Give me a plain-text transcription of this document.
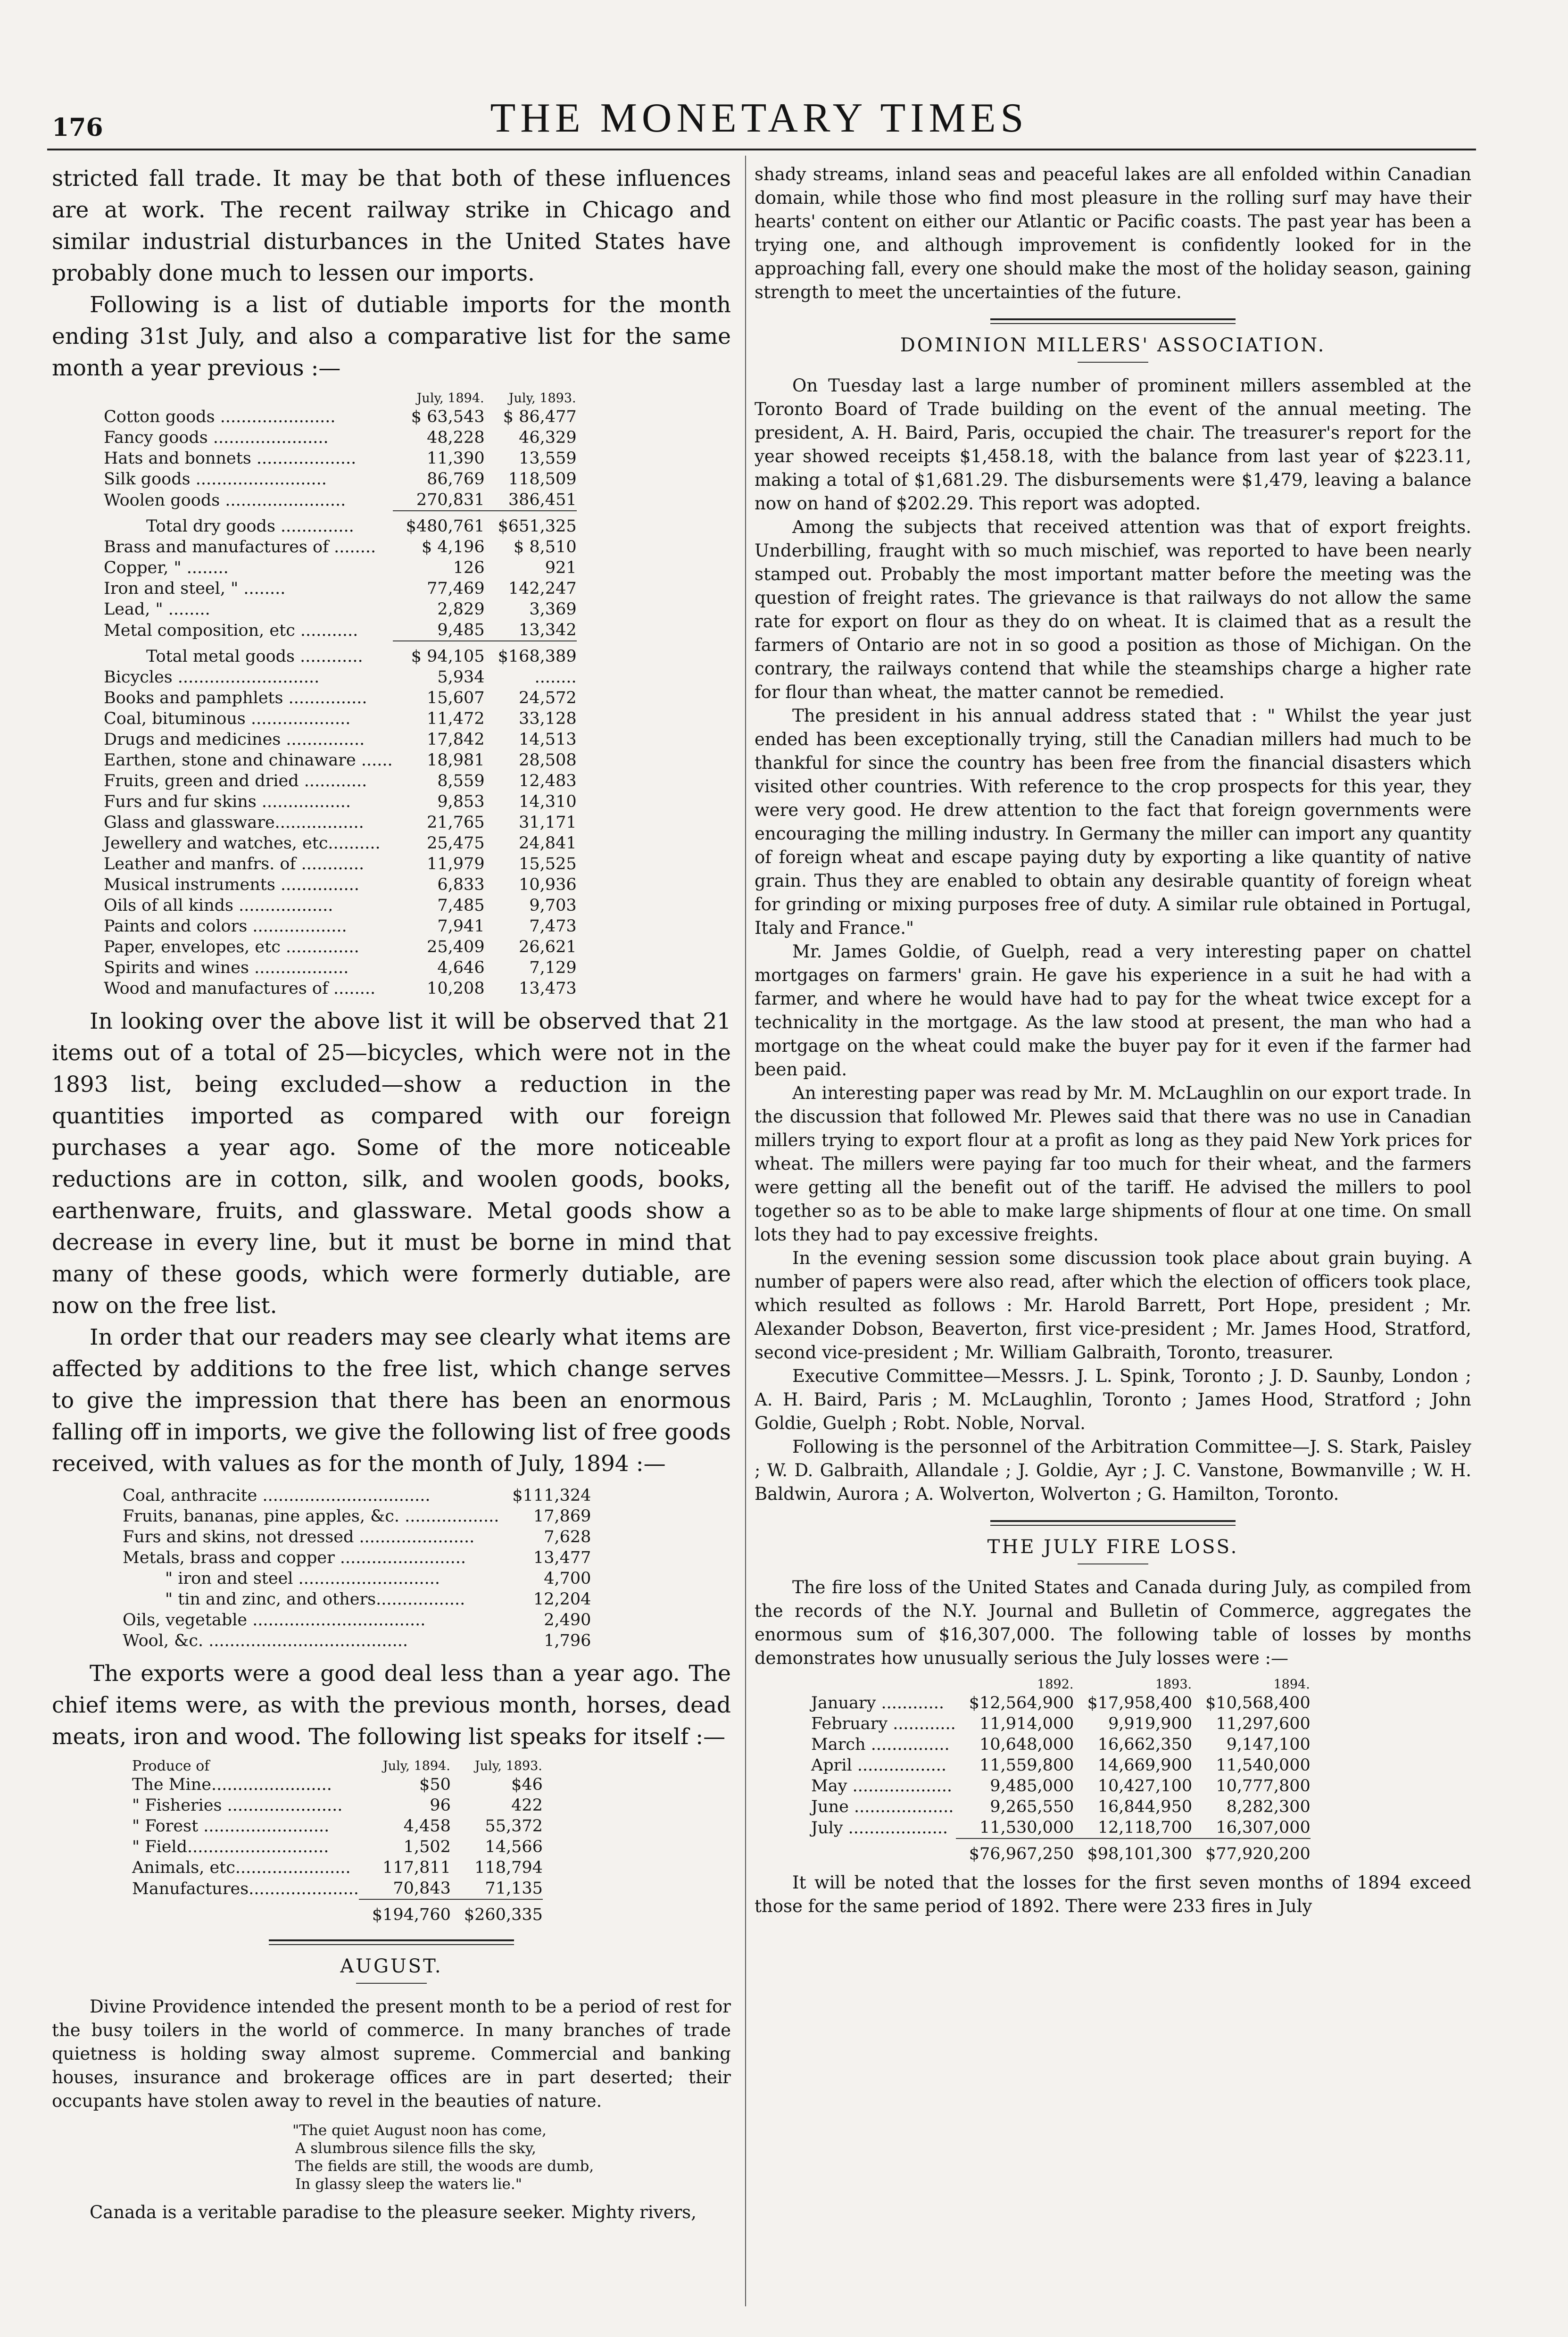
176	THE MONETARY TIMES

stricted fall trade. It may be that both of these influences are at work. The recent railway strike in Chicago and similar industrial disturbances in the United States have probably done much to lessen our imports.

Following is a list of dutiable imports for the month ending 31st July, and also a comparative list for the same month a year previous :—

	July, 1894.	July, 1893.
Cotton goods ......................	$ 63,543	$ 86,477
Fancy goods ......................	48,228	46,329
Hats and bonnets ...................	11,390	13,559
Silk goods .........................	86,769	118,509
Woolen goods .......................	270,831	386,451
Total dry goods ..............	$480,761	$651,325
Brass and manufactures of ........	$ 4,196	$ 8,510
Copper, " ........	126	921
Iron and steel, " ........	77,469	142,247
Lead, " ........	2,829	3,369
Metal composition, etc ...........	9,485	13,342
Total metal goods ............	$ 94,105	$168,389
Bicycles ...........................	5,934	........
Books and pamphlets ...............	15,607	24,572
Coal, bituminous ...................	11,472	33,128
Drugs and medicines ...............	17,842	14,513
Earthen, stone and chinaware ......	18,981	28,508
Fruits, green and dried ............	8,559	12,483
Furs and fur skins .................	9,853	14,310
Glass and glassware.................	21,765	31,171
Jewellery and watches, etc..........	25,475	24,841
Leather and manfrs. of ............	11,979	15,525
Musical instruments ...............	6,833	10,936
Oils of all kinds ..................	7,485	9,703
Paints and colors ..................	7,941	7,473
Paper, envelopes, etc ..............	25,409	26,621
Spirits and wines ..................	4,646	7,129
Wood and manufactures of ........	10,208	13,473

In looking over the above list it will be observed that 21 items out of a total of 25—bicycles, which were not in the 1893 list, being excluded—show a reduction in the quantities imported as compared with our foreign purchases a year ago. Some of the more noticeable reductions are in cotton, silk, and woolen goods, books, earthenware, fruits, and glassware. Metal goods show a decrease in every line, but it must be borne in mind that many of these goods, which were formerly dutiable, are now on the free list.

In order that our readers may see clearly what items are affected by additions to the free list, which change serves to give the impression that there has been an enormous falling off in imports, we give the following list of free goods received, with values as for the month of July, 1894 :—

Coal, anthracite ................................	$111,324
Fruits, bananas, pine apples, &c. ..................	17,869
Furs and skins, not dressed ......................	7,628
Metals, brass and copper ........................	13,477
" iron and steel ...........................	4,700
" tin and zinc, and others.................	12,204
Oils, vegetable .................................	2,490
Wool, &c. ......................................	1,796

The exports were a good deal less than a year ago. The chief items were, as with the previous month, horses, dead meats, iron and wood. The following list speaks for itself :—

Produce of	July, 1894.	July, 1893.
The Mine.......................	$50	$46
" Fisheries ......................	96	422
" Forest ........................	4,458	55,372
" Field...........................	1,502	14,566
Animals, etc......................	117,811	118,794
Manufactures.....................	70,843	71,135
	$194,760	$260,335
AUGUST.

Divine Providence intended the present month to be a period of rest for the busy toilers in the world of commerce. In many branches of trade quietness is holding sway almost supreme. Commercial and banking houses, insurance and brokerage offices are in part deserted; their occupants have stolen away to revel in the beauties of nature.

"The quiet August noon has come,
A slumbrous silence fills the sky,
The fields are still, the woods are dumb,
In glassy sleep the waters lie."

Canada is a veritable paradise to the pleasure seeker. Mighty rivers,

shady streams, inland seas and peaceful lakes are all enfolded within Canadian domain, while those who find most pleasure in the rolling surf may have their hearts' content on either our Atlantic or Pacific coasts. The past year has been a trying one, and although improvement is confidently looked for in the approaching fall, every one should make the most of the holiday season, gaining strength to meet the uncertainties of the future.

DOMINION MILLERS' ASSOCIATION.

On Tuesday last a large number of prominent millers assembled at the Toronto Board of Trade building on the event of the annual meeting. The president, A. H. Baird, Paris, occupied the chair. The treasurer's report for the year showed receipts $1,458.18, with the balance from last year of $223.11, making a total of $1,681.29. The disbursements were $1,479, leaving a balance now on hand of $202.29. This report was adopted.

Among the subjects that received attention was that of export freights. Underbilling, fraught with so much mischief, was reported to have been nearly stamped out. Probably the most important matter before the meeting was the question of freight rates. The grievance is that railways do not allow the same rate for export on flour as they do on wheat. It is claimed that as a result the farmers of Ontario are not in so good a position as those of Michigan. On the contrary, the railways contend that while the steamships charge a higher rate for flour than wheat, the matter cannot be remedied.

The president in his annual address stated that : " Whilst the year just ended has been exceptionally trying, still the Canadian millers had much to be thankful for since the country has been free from the financial disasters which visited other countries. With reference to the crop prospects for this year, they were very good. He drew attention to the fact that foreign governments were encouraging the milling industry. In Germany the miller can import any quantity of foreign wheat and escape paying duty by exporting a like quantity of native grain. Thus they are enabled to obtain any desirable quantity of foreign wheat for grinding or mixing purposes free of duty. A similar rule obtained in Portugal, Italy and France."

Mr. James Goldie, of Guelph, read a very interesting paper on chattel mortgages on farmers' grain. He gave his experience in a suit he had with a farmer, and where he would have had to pay for the wheat twice except for a technicality in the mortgage. As the law stood at present, the man who had a mortgage on the wheat could make the buyer pay for it even if the farmer had been paid.

An interesting paper was read by Mr. M. McLaughlin on our export trade. In the discussion that followed Mr. Plewes said that there was no use in Canadian millers trying to export flour at a profit as long as they paid New York prices for wheat. The millers were paying far too much for their wheat, and the farmers were getting all the benefit out of the tariff. He advised the millers to pool together so as to be able to make large shipments of flour at one time. On small lots they had to pay excessive freights.

In the evening session some discussion took place about grain buying. A number of papers were also read, after which the election of officers took place, which resulted as follows : Mr. Harold Barrett, Port Hope, president ; Mr. Alexander Dobson, Beaverton, first vice-president ; Mr. James Hood, Stratford, second vice-president ; Mr. William Galbraith, Toronto, treasurer.

Executive Committee—Messrs. J. L. Spink, Toronto ; J. D. Saunby, London ; A. H. Baird, Paris ; M. McLaughlin, Toronto ; James Hood, Stratford ; John Goldie, Guelph ; Robt. Noble, Norval.

Following is the personnel of the Arbitration Committee—J. S. Stark, Paisley ; W. D. Galbraith, Allandale ; J. Goldie, Ayr ; J. C. Vanstone, Bowmanville ; W. H. Baldwin, Aurora ; A. Wolverton, Wolverton ; G. Hamilton, Toronto.

THE JULY FIRE LOSS.

The fire loss of the United States and Canada during July, as compiled from the records of the N.Y. Journal and Bulletin of Commerce, aggregates the enormous sum of $16,307,000. The following table of losses by months demonstrates how unusually serious the July losses were :—

	1892.	1893.	1894.
January ............	$12,564,900	$17,958,400	$10,568,400
February ............	11,914,000	9,919,900	11,297,600
March ...............	10,648,000	16,662,350	9,147,100
April .................	11,559,800	14,669,900	11,540,000
May ...................	9,485,000	10,427,100	10,777,800
June ...................	9,265,550	16,844,950	8,282,300
July ...................	11,530,000	12,118,700	16,307,000
	$76,967,250	$98,101,300	$77,920,200

It will be noted that the losses for the first seven months of 1894 exceed those for the same period of 1892. There were 233 fires in July
